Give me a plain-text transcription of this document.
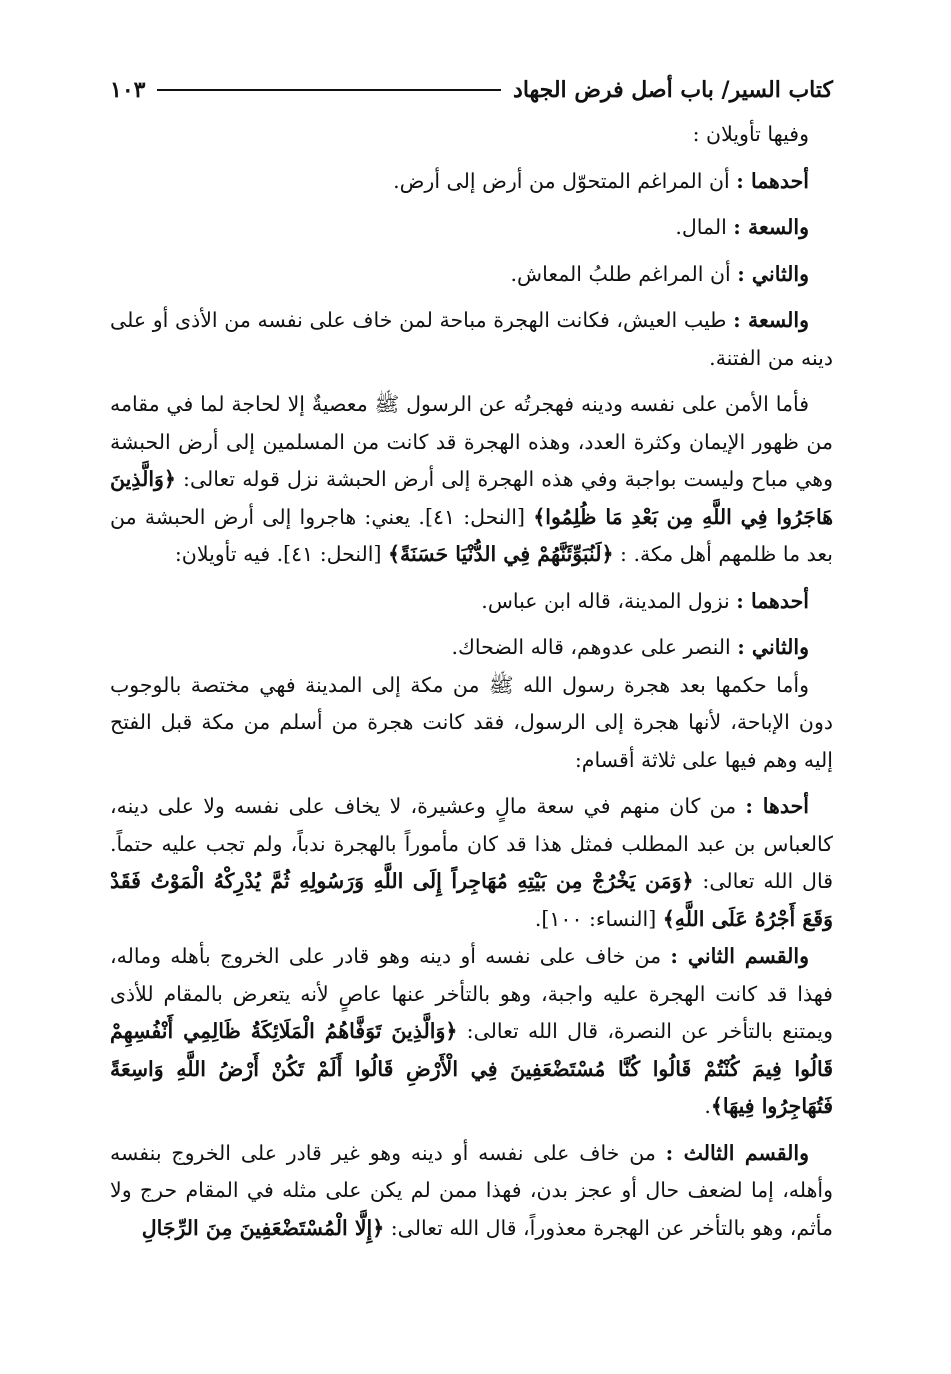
كتاب السير/ باب أصل فرض الجهاد
١٠٣

وفيها تأويلان :

أحدهما : أن المراغم المتحوّل من أرض إلى أرض.

والسعة : المال.

والثاني : أن المراغم طلبُ المعاش.

والسعة : طيب العيش، فكانت الهجرة مباحة لمن خاف على نفسه من الأذى أو على دينه من الفتنة.

فأما الأمن على نفسه ودينه فهجرتُه عن الرسول ﷺ معصيةٌ إلا لحاجة لما في مقامه من ظهور الإيمان وكثرة العدد، وهذه الهجرة قد كانت من المسلمين إلى أرض الحبشة وهي مباح وليست بواجبة وفي هذه الهجرة إلى أرض الحبشة نزل قوله تعالى: ﴿وَالَّذِينَ هَاجَرُوا فِي اللَّهِ مِن بَعْدِ مَا ظُلِمُوا﴾ [النحل: ٤١]. يعني: هاجروا إلى أرض الحبشة من بعد ما ظلمهم أهل مكة. : ﴿لَنُبَوِّئَنَّهُمْ فِي الدُّنْيَا حَسَنَةً﴾ [النحل: ٤١]. فيه تأويلان:

أحدهما : نزول المدينة، قاله ابن عباس.

والثاني : النصر على عدوهم، قاله الضحاك.

وأما حكمها بعد هجرة رسول الله ﷺ من مكة إلى المدينة فهي مختصة بالوجوب دون الإباحة، لأنها هجرة إلى الرسول، فقد كانت هجرة من أسلم من مكة قبل الفتح إليه وهم فيها على ثلاثة أقسام:

أحدها : من كان منهم في سعة مالٍ وعشيرة، لا يخاف على نفسه ولا على دينه، كالعباس بن عبد المطلب فمثل هذا قد كان مأموراً بالهجرة ندباً، ولم تجب عليه حتماً. قال الله تعالى: ﴿وَمَن يَخْرُجْ مِن بَيْتِهِ مُهَاجِراً إِلَى اللَّهِ وَرَسُولِهِ ثُمَّ يُدْرِكْهُ الْمَوْتُ فَقَدْ وَقَعَ أَجْرُهُ عَلَى اللَّهِ﴾ [النساء: ١٠٠].

والقسم الثاني : من خاف على نفسه أو دينه وهو قادر على الخروج بأهله وماله، فهذا قد كانت الهجرة عليه واجبة، وهو بالتأخر عنها عاصٍ لأنه يتعرض بالمقام للأذى ويمتنع بالتأخر عن النصرة، قال الله تعالى: ﴿وَالَّذِينَ تَوَفَّاهُمُ الْمَلَائِكَةُ ظَالِمِي أَنْفُسِهِمْ قَالُوا فِيمَ كُنْتُمْ قَالُوا كُنَّا مُسْتَضْعَفِينَ فِي الْأَرْضِ قَالُوا أَلَمْ تَكُنْ أَرْضُ اللَّهِ وَاسِعَةً فَتُهَاجِرُوا فِيهَا﴾.

والقسم الثالث : من خاف على نفسه أو دينه وهو غير قادر على الخروج بنفسه وأهله، إما لضعف حال أو عجز بدن، فهذا ممن لم يكن على مثله في المقام حرج ولا مأثم، وهو بالتأخر عن الهجرة معذوراً، قال الله تعالى: ﴿إِلَّا الْمُسْتَضْعَفِينَ مِنَ الرِّجَالِ
